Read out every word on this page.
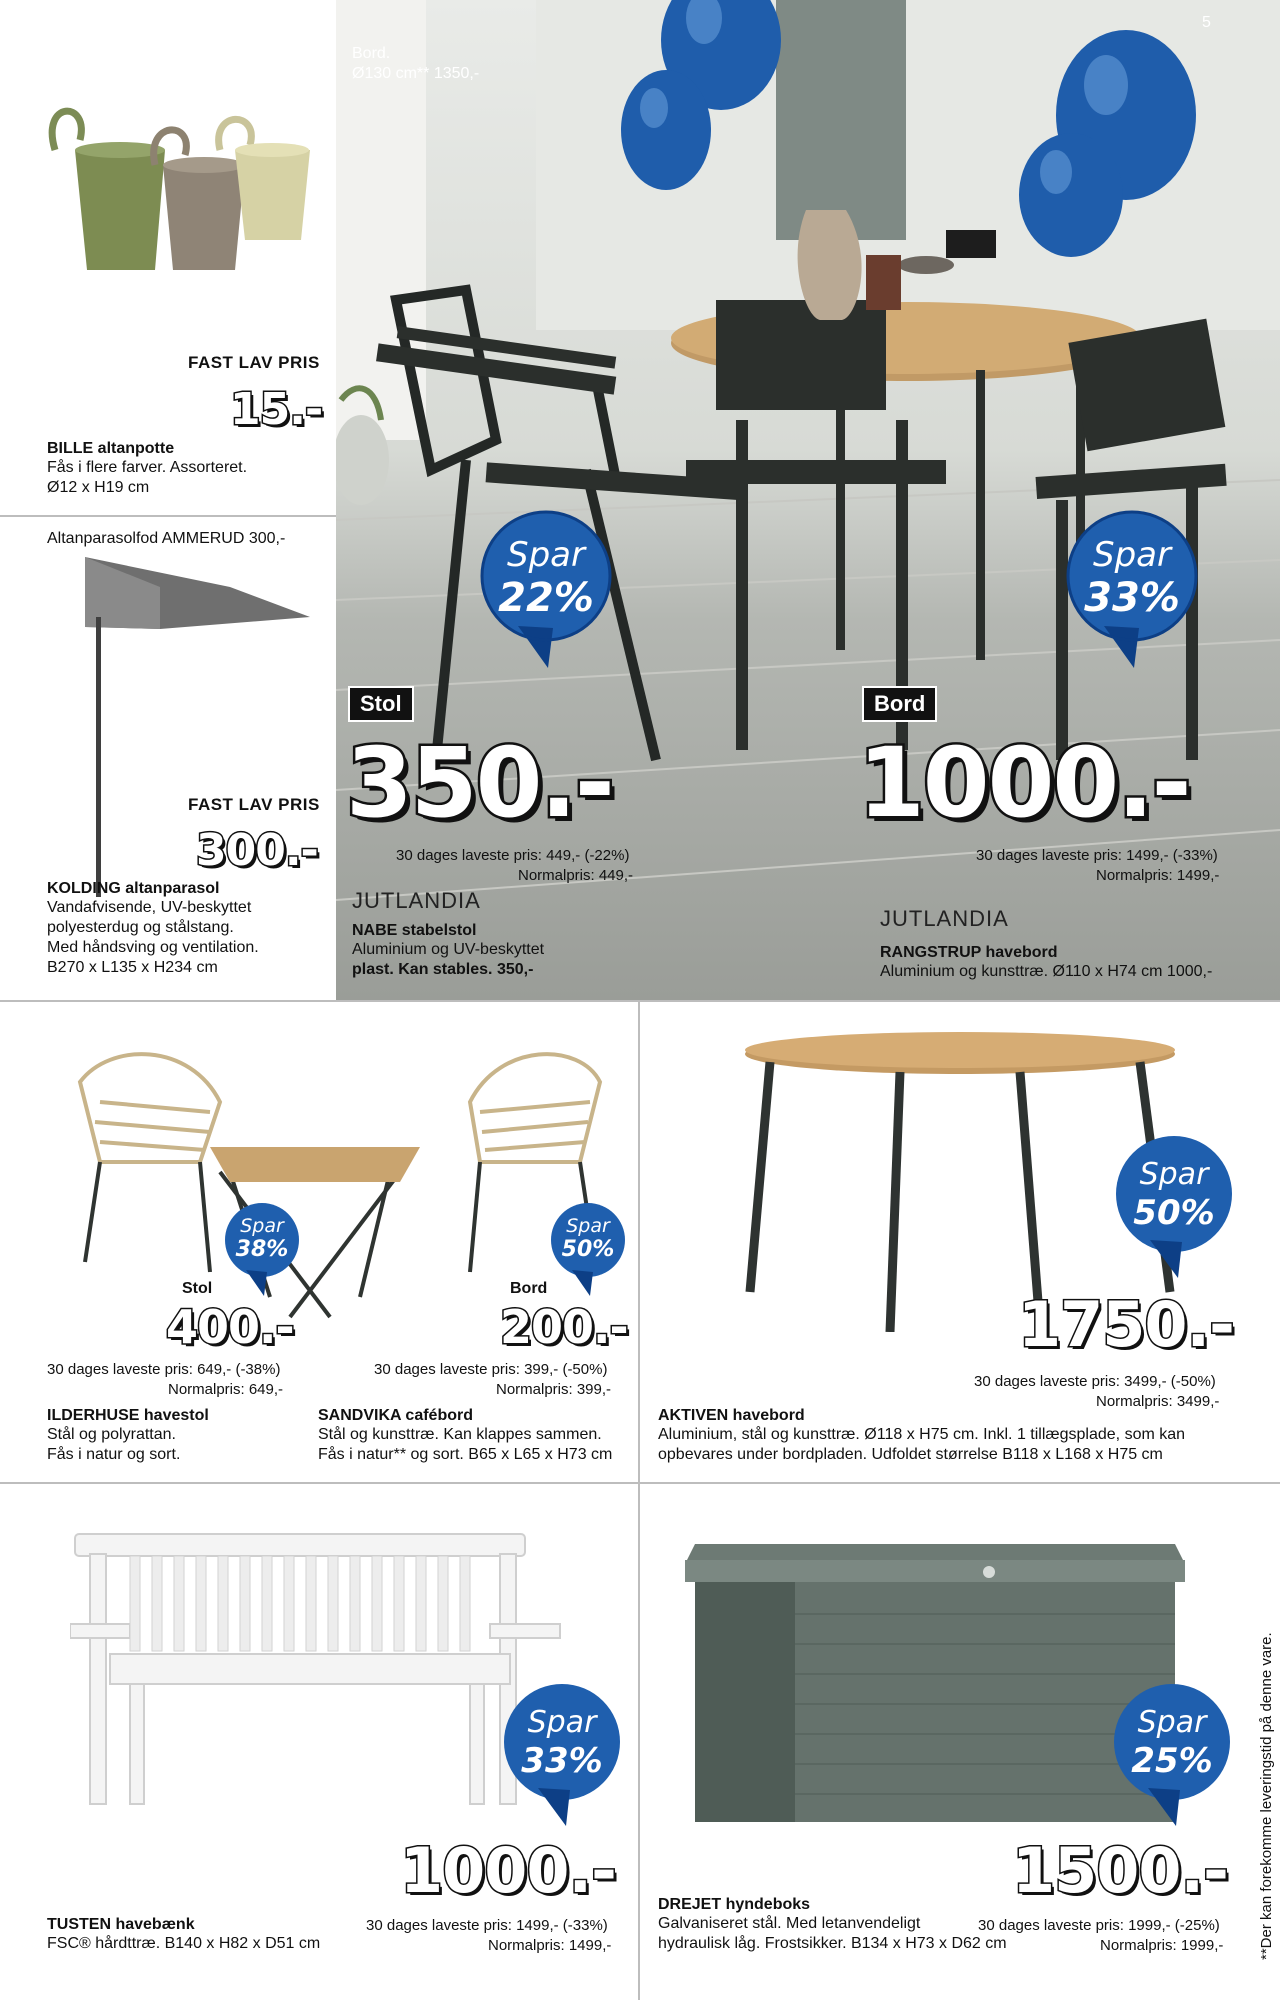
FAST LAV PRIS
15.-
BILLE altanpotte
Fås i flere farver. Assorteret.
Ø12 x H19 cm
Altanparasolfod AMMERUD 300,-
FAST LAV PRIS
300.-
KOLDING altanparasol
Vandafvisende, UV-beskyttet
polyesterdug og stålstang.
Med håndsving og ventilation.
B270 x L135 x H234 cm
Bord.
Ø130 cm** 1350,-
5
Spar
22%
Spar
33%
Stol
350.-
30 dages laveste pris: 449,- (-22%)
Normalpris: 449,-
JUTLANDIA
NABE stabelstol
Aluminium og UV-beskyttet
plast. Kan stables. 350,-
Bord
1000.-
30 dages laveste pris: 1499,- (-33%)
Normalpris: 1499,-
JUTLANDIA
RANGSTRUP havebord
Aluminium og kunsttræ. Ø110 x H74 cm 1000,-
Spar
38%
Spar
50%
Stol
400.-
30 dages laveste pris: 649,- (-38%)
Normalpris: 649,-
ILDERHUSE havestol
Stål og polyrattan.
Fås i natur og sort.
Bord
200.-
30 dages laveste pris: 399,- (-50%)
Normalpris: 399,-
SANDVIKA cafébord
Stål og kunsttræ. Kan klappes sammen.
Fås i natur** og sort. B65 x L65 x H73 cm
Spar
50%
1750.-
30 dages laveste pris: 3499,- (-50%)
Normalpris: 3499,-
AKTIVEN havebord
Aluminium, stål og kunsttræ. Ø118 x H75 cm. Inkl. 1 tillægsplade, som kan
opbevares under bordpladen. Udfoldet størrelse B118 x L168 x H75 cm
Spar
33%
1000.-
30 dages laveste pris: 1499,- (-33%)
Normalpris: 1499,-
TUSTEN havebænk
FSC® hårdttræ. B140 x H82 x D51 cm
Spar
25%
1500.-
DREJET hyndeboks
Galvaniseret stål. Med letanvendeligt
hydraulisk låg. Frostsikker. B134 x H73 x D62 cm
30 dages laveste pris: 1999,- (-25%)
Normalpris: 1999,- **Der kan forekomme leveringstid på denne vare.
